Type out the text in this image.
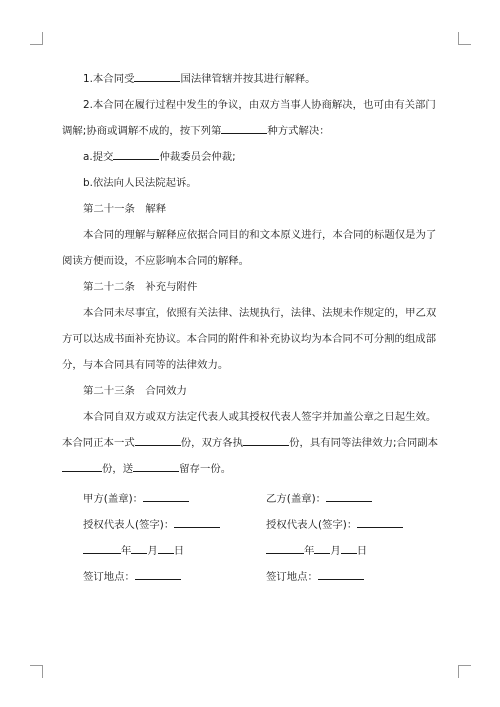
1.本合同受	国法律管辖并按其进行解释。

2.本合同在履行过程中发生的争议，由双方当事人协商解决，也可由有关部门调解;协商或调解不成的，按下列第	种方式解决：

a.提交	仲裁委员会仲裁;

b.依法向人民法院起诉。

第二十一条　解释

本合同的理解与解释应依据合同目的和文本原义进行，本合同的标题仅是为了阅读方便而设，不应影响本合同的解释。

第二十二条　补充与附件

本合同未尽事宜，依照有关法律、法规执行，法律、法规未作规定的，甲乙双方可以达成书面补充协议。本合同的附件和补充协议均为本合同不可分割的组成部分，与本合同具有同等的法律效力。

第二十三条　合同效力

本合同自双方或双方法定代表人或其授权代表人签字并加盖公章之日起生效。本合同正本一式	份，双方各执	份，具有同等法律效力;合同副本份，送	留存一份。

甲方(盖章)：	乙方(盖章)：
授权代表人(签字)：	授权代表人(签字)：
年 月 日	年 月 日
签订地点：	签订地点：
